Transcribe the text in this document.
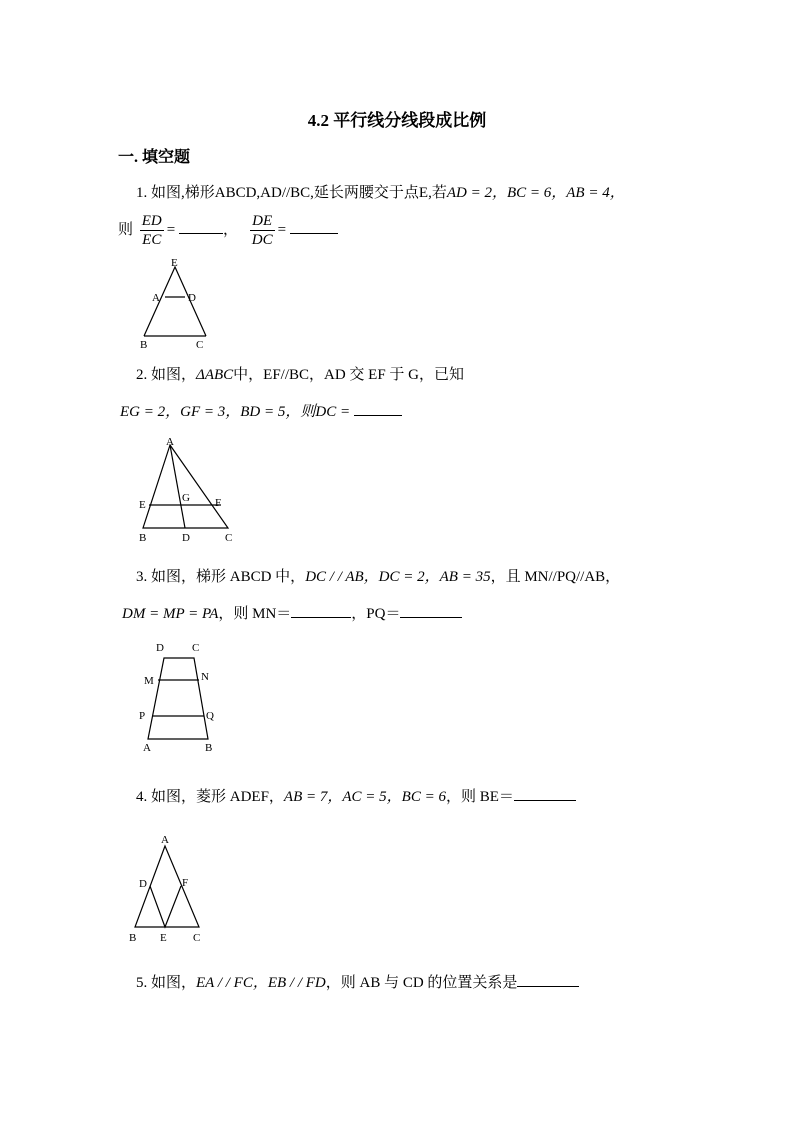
4.2 平行线分线段成比例
一. 填空题
1. 如图,梯形ABCD,AD//BC,延长两腰交于点E,若AD = 2，BC = 6，AB = 4，
则 $\frac{ED}{EC}$ =	， $\frac{DE}{DC}$ =
E
A	D
B	C
2. 如图，ΔABC中，EF//BC，AD 交 EF 于 G，已知
EG = 2，GF = 3，BD = 5，则DC =
A
E
G F
B	D	C
3. 如图，梯形 ABCD 中，DC / / AB，DC = 2，AB = 35，且 MN//PQ//AB，
DM = MP = PA，则 MN＝	，PQ＝
D	C
M	N
P	Q
A	B
4. 如图，菱形 ADEF，AB = 7，AC = 5，BC = 6，则 BE＝
A
D	F
B E C
5. 如图，EA / / FC，EB / / FD，则 AB 与 CD 的位置关系是
